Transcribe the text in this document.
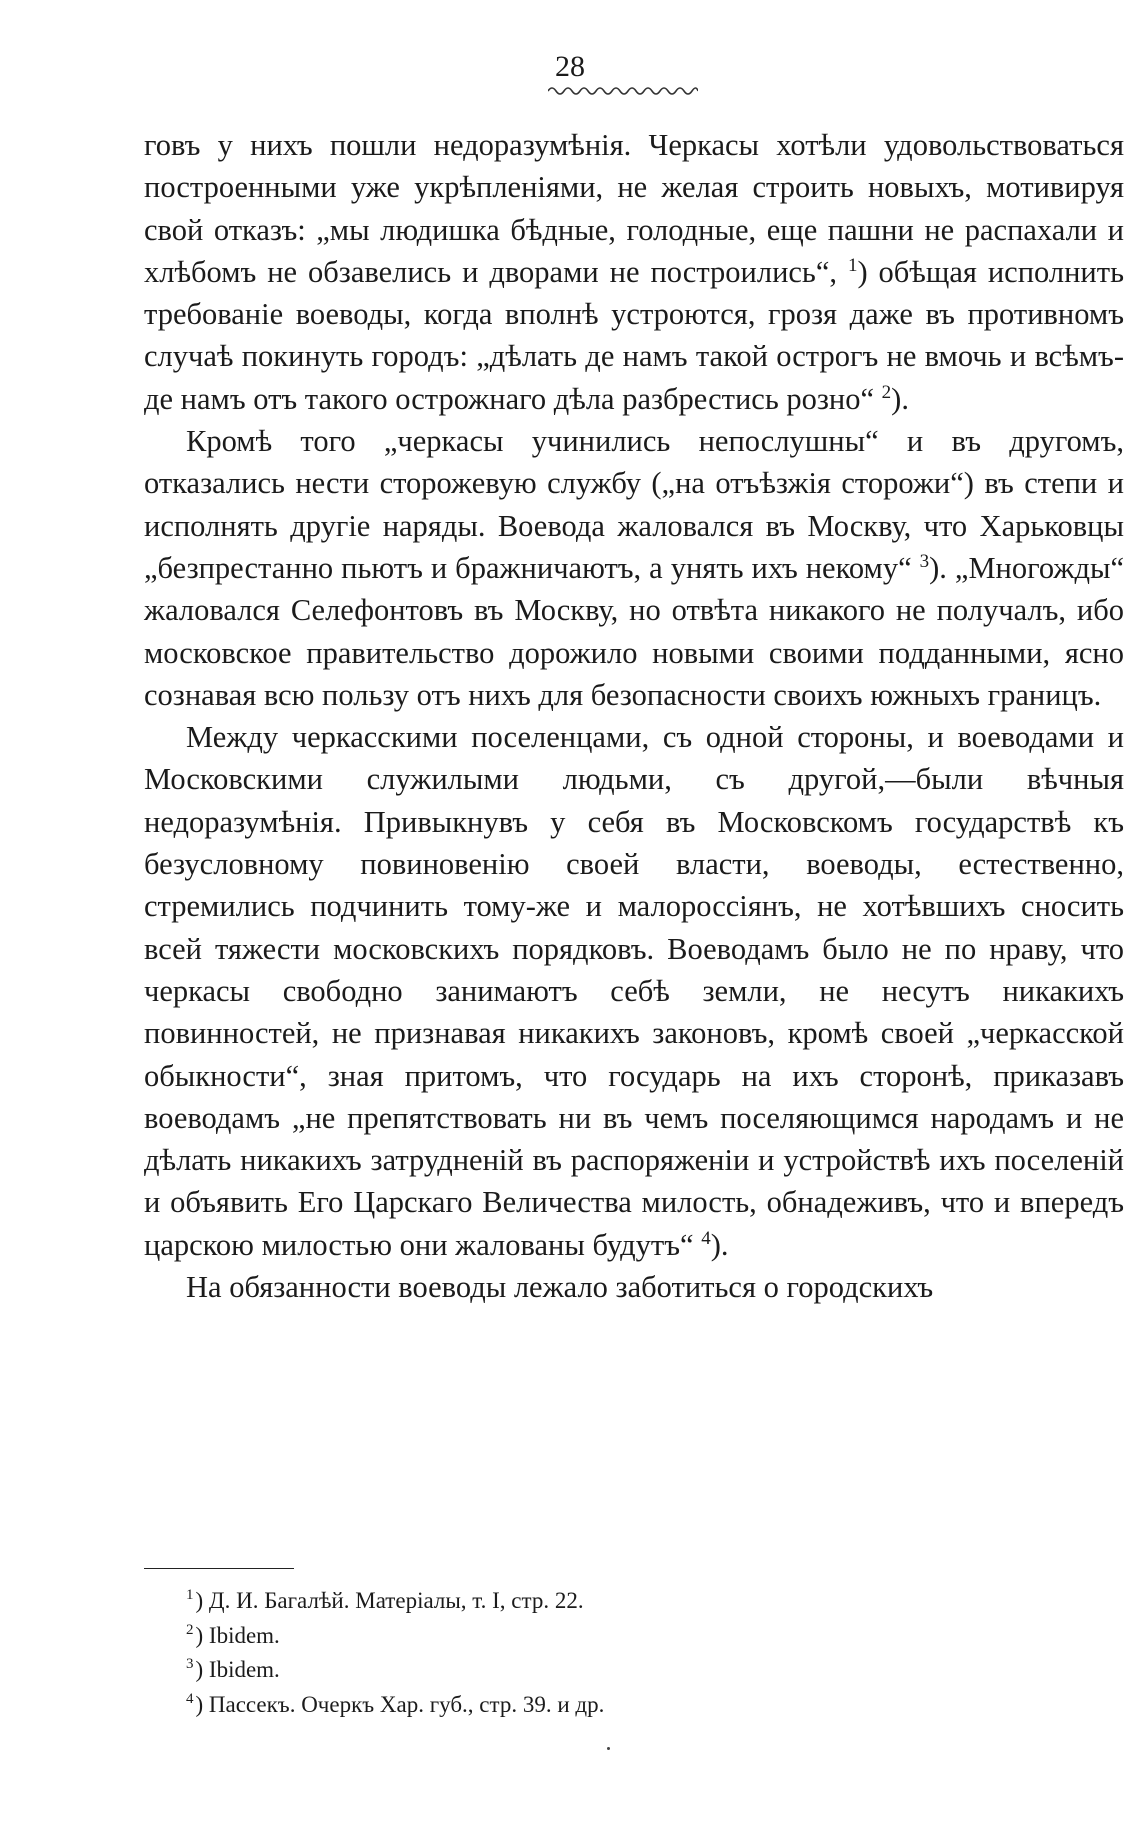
28

говъ у нихъ пошли недоразумѣнія. Черкасы хотѣли удовольствоваться построенными уже укрѣпленіями, не желая строить новыхъ, мотивируя свой отказъ: „мы людишка бѣдные, голодные, еще пашни не распахали и хлѣбомъ не обзавелись и дворами не построились“, $^1$) обѣщая исполнить требованіе воеводы, когда вполнѣ устроются, грозя даже въ противномъ случаѣ покинуть городъ: „дѣлать де намъ такой острогъ не вмочь и всѣмъ-де намъ отъ такого острожнаго дѣла разбрестись розно“ $^2$).

Кромѣ того „черкасы учинились непослушны“ и въ другомъ, отказались нести сторожевую службу („на отъѣзжія сторожи“) въ степи и исполнять другіе наряды. Воевода жаловался въ Москву, что Харьковцы „безпрестанно пьютъ и бражничаютъ, а унять ихъ некому“ $^3$). „Многожды“ жаловался Селефонтовъ въ Москву, но отвѣта никакого не получалъ, ибо московское правительство дорожило новыми своими подданными, ясно сознавая всю пользу отъ нихъ для безопасности своихъ южныхъ границъ.

Между черкасскими поселенцами, съ одной стороны, и воеводами и Московскими служилыми людьми, съ другой,—были вѣчныя недоразумѣнія. Привыкнувъ у себя въ Московскомъ государствѣ къ безусловному повиновенію своей власти, воеводы, естественно, стремились подчинить тому-же и малороссіянъ, не хотѣвшихъ сносить всей тяжести московскихъ порядковъ. Воеводамъ было не по нраву, что черкасы свободно занимаютъ себѣ земли, не несутъ никакихъ повинностей, не признавая никакихъ законовъ, кромѣ своей „черкасской обыкности“, зная притомъ, что государь на ихъ сторонѣ, приказавъ воеводамъ „не препятствовать ни въ чемъ поселяющимся народамъ и не дѣлать никакихъ затрудненій въ распоряженіи и устройствѣ ихъ поселеній и объявить Его Царскаго Величества милость, обнадеживъ, что и впередъ царскою милостью они жалованы будутъ“ $^4$).

На обязанности воеводы лежало заботиться о городскихъ

$^1$) Д. И. Багалѣй. Матеріалы, т. I, стр. 22.
$^2$) Ibidem.
$^3$) Ibidem.
$^4$) Пассекъ. Очеркъ Хар. губ., стр. 39. и др.
